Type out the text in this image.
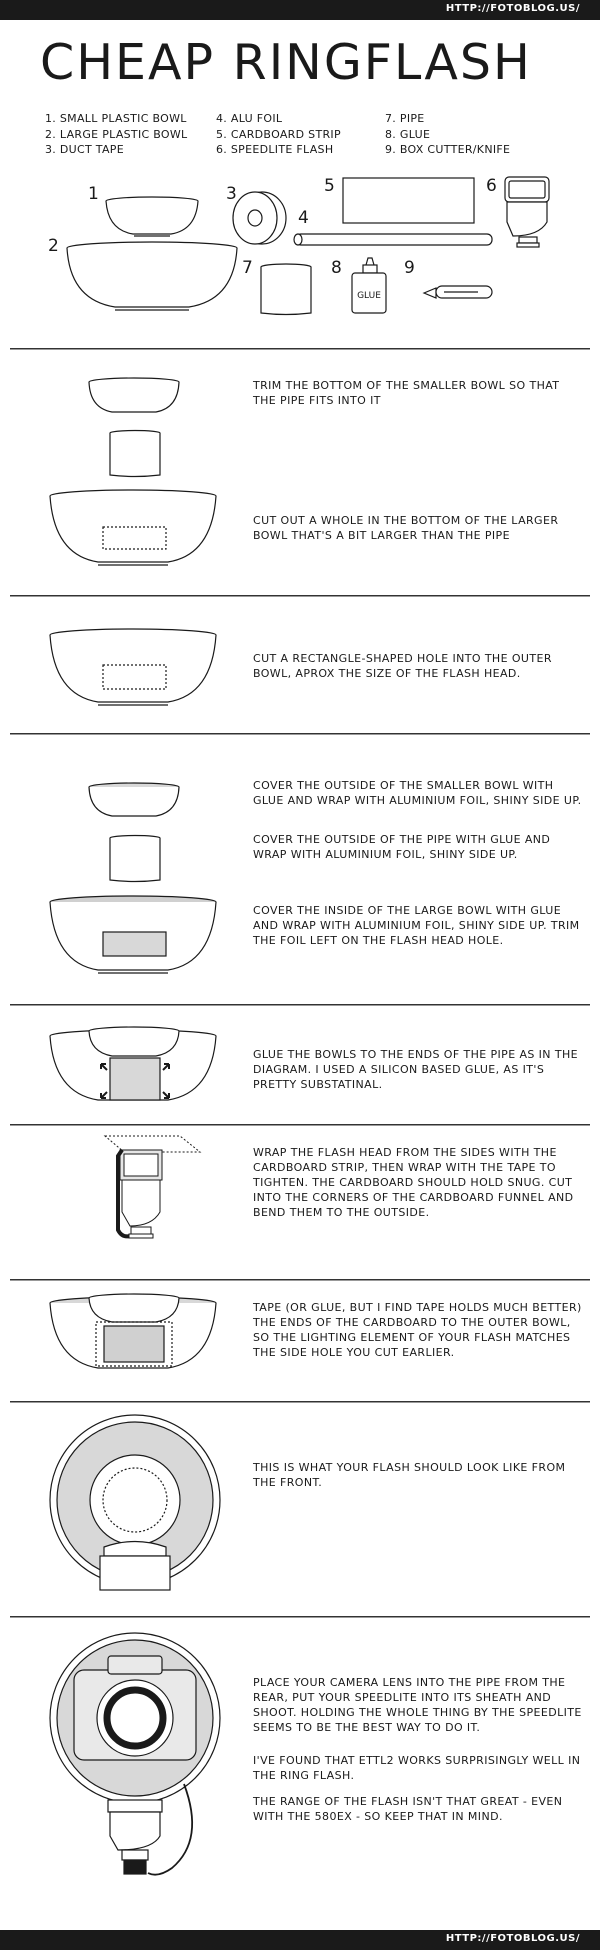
HTTP://FOTOBLOG.US/
CHEAP RINGFLASH
1. SMALL PLASTIC BOWL
2. LARGE PLASTIC BOWL
3. DUCT TAPE
4. ALU FOIL
5. CARDBOARD STRIP
6. SPEEDLITE FLASH
7. PIPE
8. GLUE
9. BOX CUTTER/KNIFE
1
2
3
4
5	6
7	8	9
GLUE

TRIM THE BOTTOM OF THE SMALLER BOWL SO THAT THE PIPE FITS INTO IT

CUT OUT A WHOLE IN THE BOTTOM OF THE LARGER BOWL THAT'S A BIT LARGER THAN THE PIPE

CUT A RECTANGLE-SHAPED HOLE INTO THE OUTER BOWL, APROX THE SIZE OF THE FLASH HEAD.

COVER THE OUTSIDE OF THE SMALLER BOWL WITH GLUE AND WRAP WITH ALUMINIUM FOIL, SHINY SIDE UP.

COVER THE OUTSIDE OF THE PIPE WITH GLUE AND WRAP WITH ALUMINIUM FOIL, SHINY SIDE UP.

COVER THE INSIDE OF THE LARGE BOWL WITH GLUE AND WRAP WITH ALUMINIUM FOIL, SHINY SIDE UP. TRIM THE FOIL LEFT ON THE FLASH HEAD HOLE.

GLUE THE BOWLS TO THE ENDS OF THE PIPE AS IN THE DIAGRAM. I USED A SILICON BASED GLUE, AS IT'S PRETTY SUBSTATINAL.

WRAP THE FLASH HEAD FROM THE SIDES WITH THE CARDBOARD STRIP, THEN WRAP WITH THE TAPE TO TIGHTEN. THE CARDBOARD SHOULD HOLD SNUG. CUT INTO THE CORNERS OF THE CARDBOARD FUNNEL AND BEND THEM TO THE OUTSIDE.

TAPE (OR GLUE, BUT I FIND TAPE HOLDS MUCH BETTER) THE ENDS OF THE CARDBOARD TO THE OUTER BOWL, SO THE LIGHTING ELEMENT OF YOUR FLASH MATCHES THE SIDE HOLE YOU CUT EARLIER.

THIS IS WHAT YOUR FLASH SHOULD LOOK LIKE FROM THE FRONT.

PLACE YOUR CAMERA LENS INTO THE PIPE FROM THE REAR, PUT YOUR SPEEDLITE INTO ITS SHEATH AND SHOOT. HOLDING THE WHOLE THING BY THE SPEEDLITE SEEMS TO BE THE BEST WAY TO DO IT.

I'VE FOUND THAT ETTL2 WORKS SURPRISINGLY WELL IN THE RING FLASH.

THE RANGE OF THE FLASH ISN'T THAT GREAT - EVEN WITH THE 580EX - SO KEEP THAT IN MIND.

HTTP://FOTOBLOG.US/
